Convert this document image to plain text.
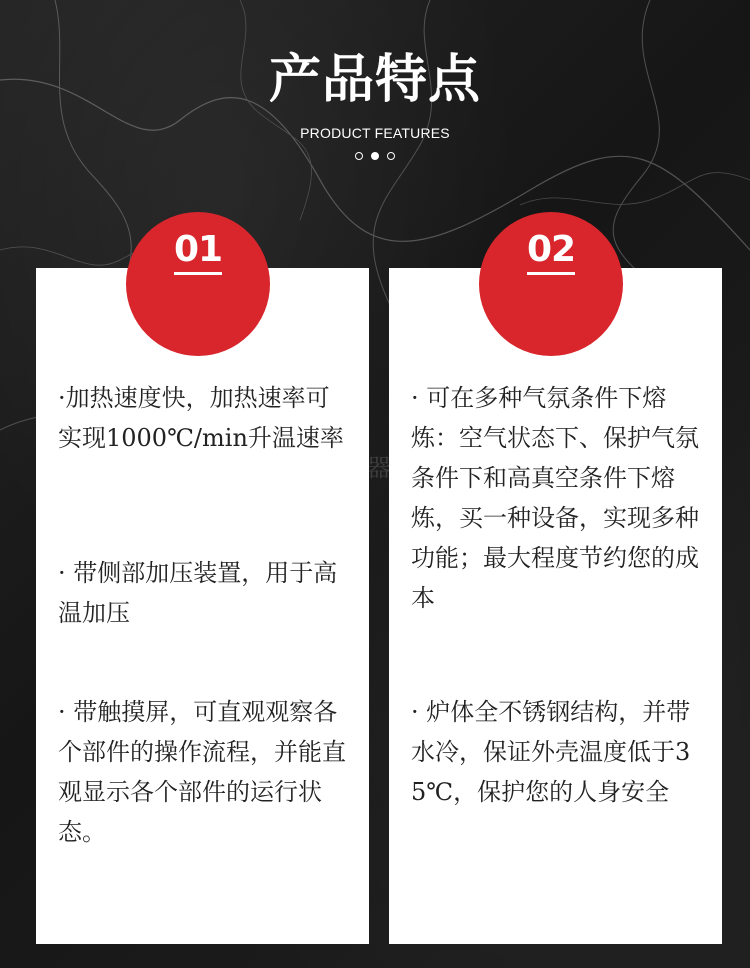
产品特点
PRODUCT FEATURES
01
·加热速度快，加热速率可实现1000℃/min升温速率
· 带侧部加压装置，用于高温加压
· 带触摸屏，可直观观察各个部件的操作流程，并能直观显示各个部件的运行状态。
02
· 可在多种气氛条件下熔炼：空气状态下、保护气氛条件下和高真空条件下熔炼，买一种设备，实现多种功能；最大程度节约您的成本
· 炉体全不锈钢结构，并带水冷，保证外壳温度低于35℃，保护您的人身安全
器
